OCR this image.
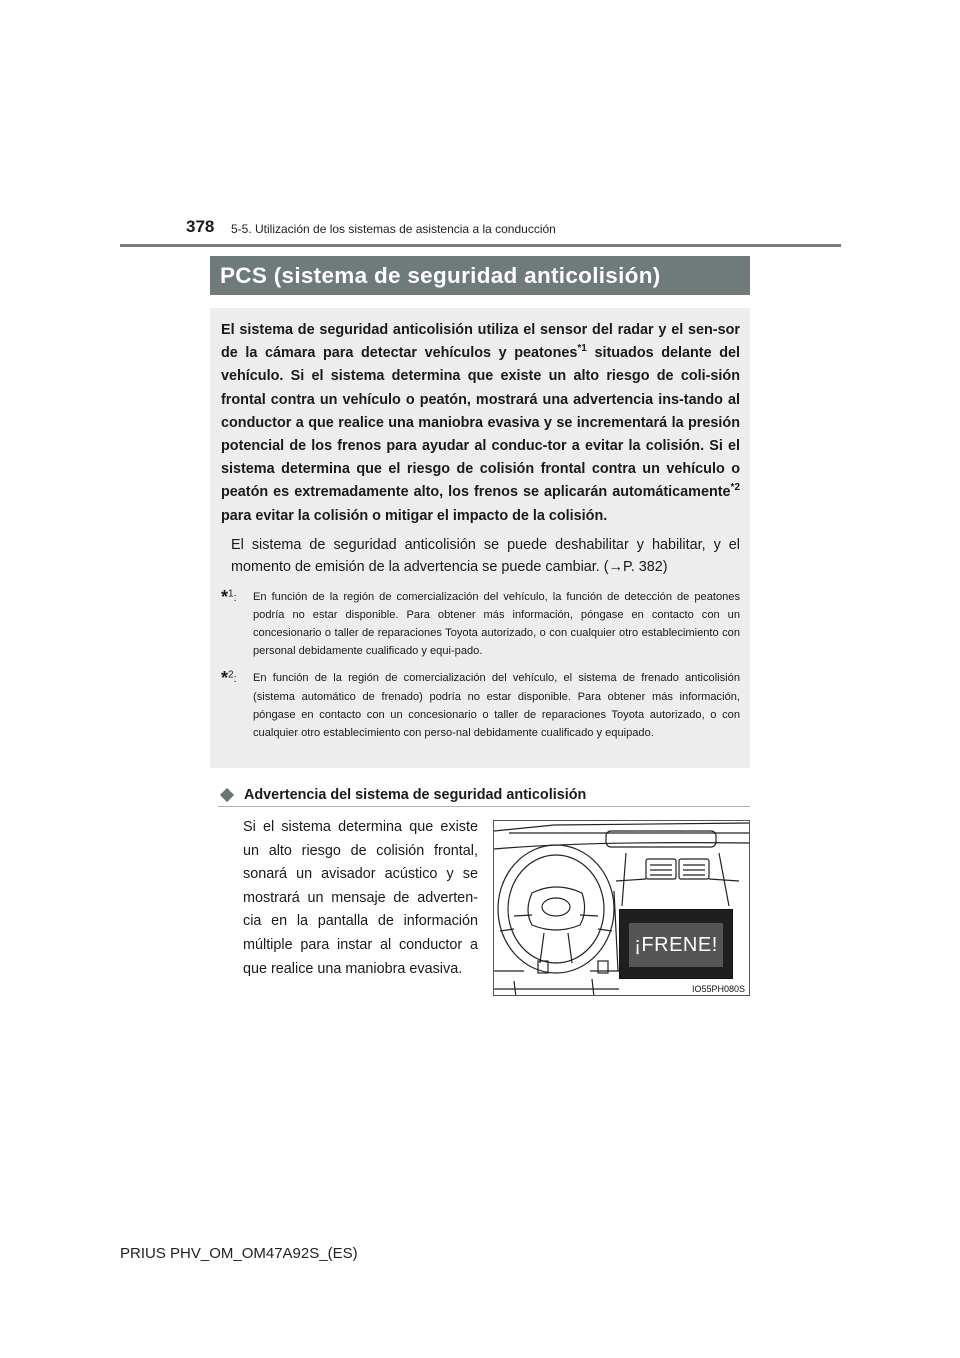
378 5-5. Utilización de los sistemas de asistencia a la conducción
PCS (sistema de seguridad anticolisión)

El sistema de seguridad anticolisión utiliza el sensor del radar y el sen-sor de la cámara para detectar vehículos y peatones$^{*1}$ situados delante del vehículo. Si el sistema determina que existe un alto riesgo de coli-sión frontal contra un vehículo o peatón, mostrará una advertencia ins-tando al conductor a que realice una maniobra evasiva y se incrementará la presión potencial de los frenos para ayudar al conduc-tor a evitar la colisión. Si el sistema determina que el riesgo de colisión frontal contra un vehículo o peatón es extremadamente alto, los frenos se aplicarán automáticamente$^{*2}$ para evitar la colisión o mitigar el impacto de la colisión.

El sistema de seguridad anticolisión se puede deshabilitar y habilitar, y el momento de emisión de la advertencia se puede cambiar. (→P. 382)

*$^1$:	En función de la región de comercialización del vehículo, la función de detección de peatones podría no estar disponible. Para obtener más información, póngase en contacto con un concesionario o taller de reparaciones Toyota autorizado, o con cualquier otro establecimiento con personal debidamente cualificado y equi-pado.
*$^2$:	En función de la región de comercialización del vehículo, el sistema de frenado anticolisión (sistema automático de frenado) podría no estar disponible. Para obtener más información, póngase en contacto con un concesionario o taller de reparaciones Toyota autorizado, o con cualquier otro establecimiento con perso-nal debidamente cualificado y equipado.
Advertencia del sistema de seguridad anticolisión

Si el sistema determina que existe un alto riesgo de colisión frontal, sonará un avisador acústico y se mostrará un mensaje de adverten-cia en la pantalla de información múltiple para instar al conductor a que realice una maniobra evasiva.

¡FRENE!
IO55PH080S
PRIUS PHV_OM_OM47A92S_(ES)
